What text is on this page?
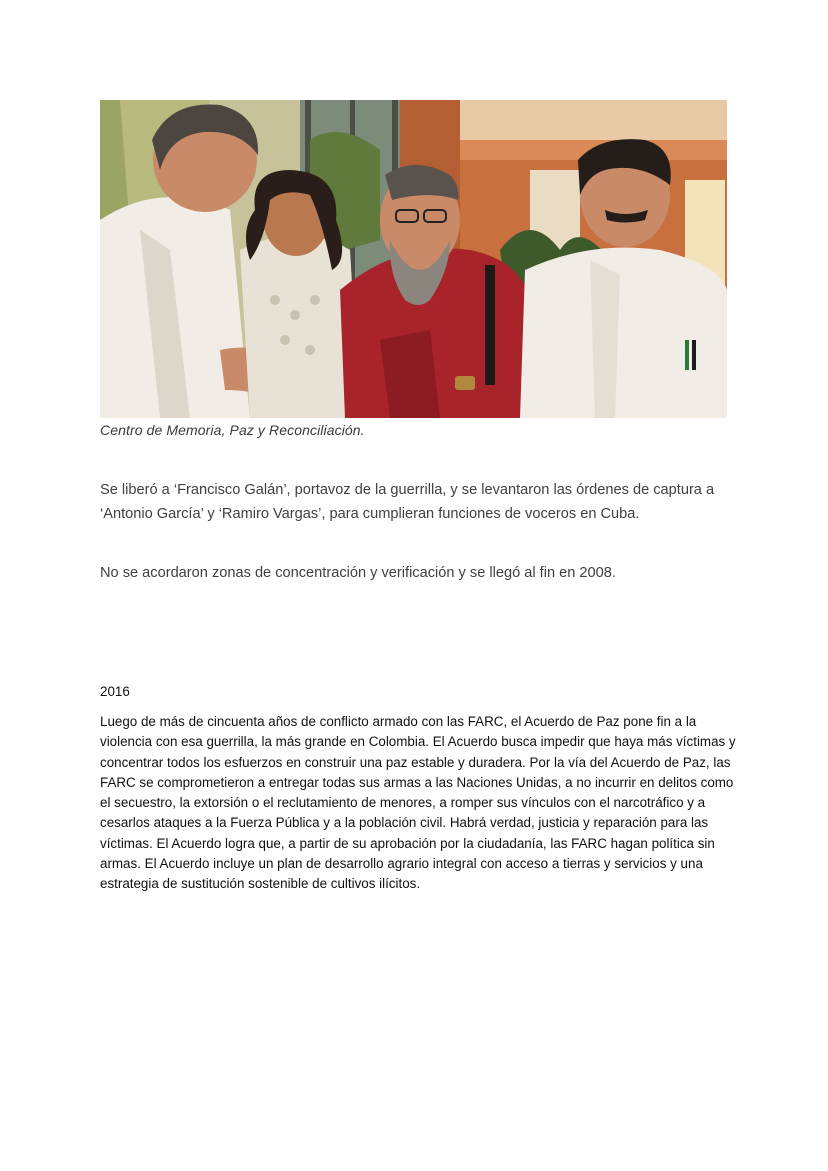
Centro de Memoria, Paz y Reconciliación.

Se liberó a ‘Francisco Galán’, portavoz de la guerrilla, y se levantaron las órdenes de captura a ‘Antonio García’ y ‘Ramiro Vargas’, para cumplieran funciones de voceros en Cuba.

No se acordaron zonas de concentración y verificación y se llegó al fin en 2008.

2016

Luego de más de cincuenta años de conflicto armado con las FARC, el Acuerdo de Paz pone fin a la violencia con esa guerrilla, la más grande en Colombia. El Acuerdo busca impedir que haya más víctimas y concentrar todos los esfuerzos en construir una paz estable y duradera. Por la vía del Acuerdo de Paz, las FARC se comprometieron a entregar todas sus armas a las Naciones Unidas, a no incurrir en delitos como el secuestro, la extorsión o el reclutamiento de menores, a romper sus vínculos con el narcotráfico y a cesarlos ataques a la Fuerza Pública y a la población civil. Habrá verdad, justicia y reparación para las víctimas. El Acuerdo logra que, a partir de su aprobación por la ciudadanía, las FARC hagan política sin armas. El Acuerdo incluye un plan de desarrollo agrario integral con acceso a tierras y servicios y una estrategia de sustitución sostenible de cultivos ilícitos.
